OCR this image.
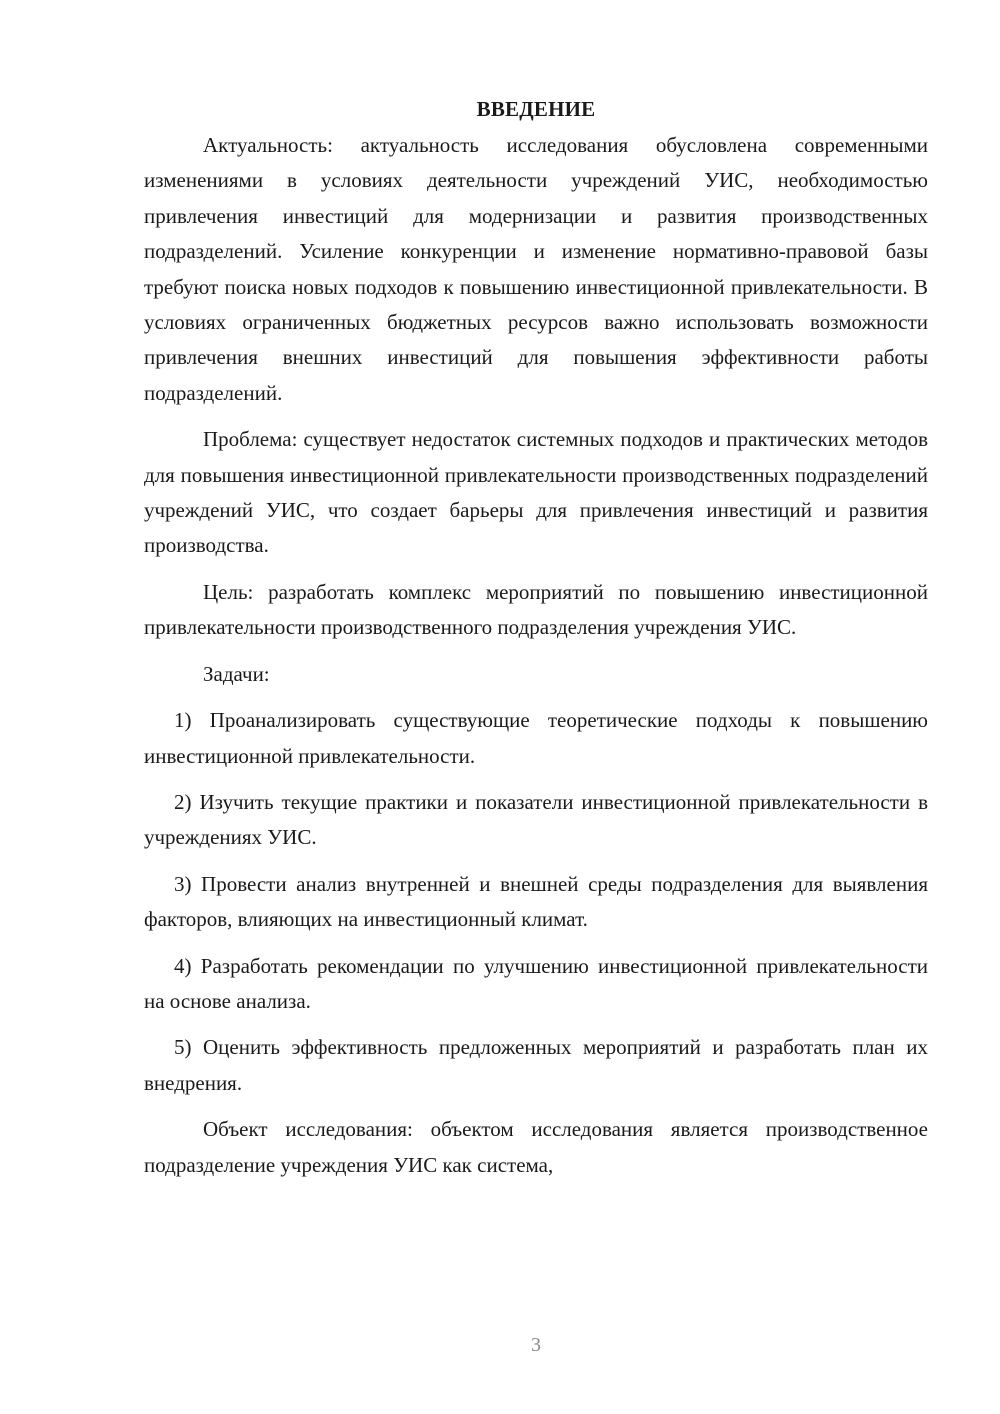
ВВЕДЕНИЕ

Актуальность: актуальность исследования обусловлена современными изменениями в условиях деятельности учреждений УИС, необходимостью привлечения инвестиций для модернизации и развития производственных подразделений. Усиление конкуренции и изменение нормативно-правовой базы требуют поиска новых подходов к повышению инвестиционной привлекательности. В условиях ограниченных бюджетных ресурсов важно использовать возможности привлечения внешних инвестиций для повышения эффективности работы подразделений.

Проблема: существует недостаток системных подходов и практических методов для повышения инвестиционной привлекательности производственных подразделений учреждений УИС, что создает барьеры для привлечения инвестиций и развития производства.

Цель: разработать комплекс мероприятий по повышению инвестиционной привлекательности производственного подразделения учреждения УИС.

Задачи:

1) Проанализировать существующие теоретические подходы к повышению инвестиционной привлекательности.

2) Изучить текущие практики и показатели инвестиционной привлекательности в учреждениях УИС.

3) Провести анализ внутренней и внешней среды подразделения для выявления факторов, влияющих на инвестиционный климат.

4) Разработать рекомендации по улучшению инвестиционной привлекательности на основе анализа.

5) Оценить эффективность предложенных мероприятий и разработать план их внедрения.

Объект исследования: объектом исследования является производственное подразделение учреждения УИС как система,

3
